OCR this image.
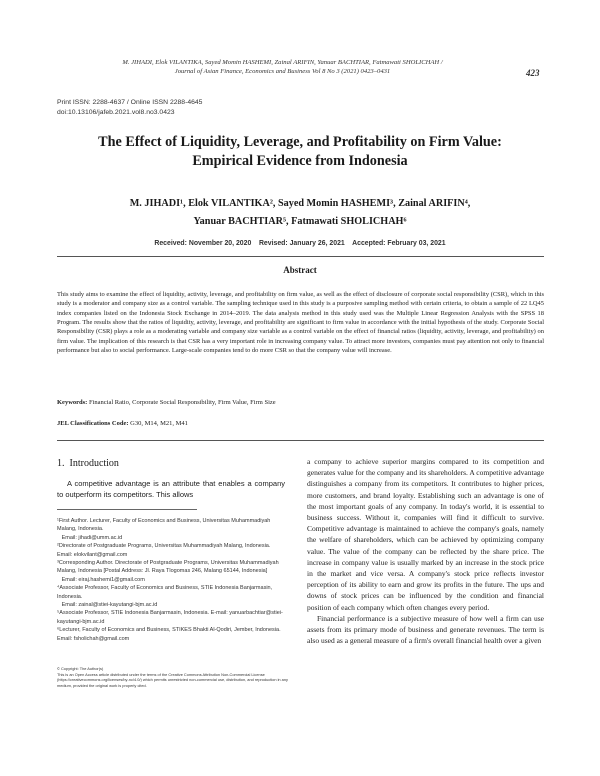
M. JIHADI, Elok VILANTIKA, Sayed Momin HASHEMI, Zainal ARIFIN, Yanuar BACHTIAR, Fatmawati SHOLICHAH /
Journal of Asian Finance, Economics and Business Vol 8 No 3 (2021) 0423–0431	423
Print ISSN: 2288-4637 / Online ISSN 2288-4645
doi:10.13106/jafeb.2021.vol8.no3.0423
The Effect of Liquidity, Leverage, and Profitability on Firm Value:
Empirical Evidence from Indonesia
M. JIHADI¹, Elok VILANTIKA², Sayed Momin HASHEMI³, Zainal ARIFIN⁴,
Yanuar BACHTIAR⁵, Fatmawati SHOLICHAH⁶
Received: November 20, 2020    Revised: January 26, 2021    Accepted: February 03, 2021
Abstract
This study aims to examine the effect of liquidity, activity, leverage, and profitability on firm value, as well as the effect of disclosure of corporate social responsibility (CSR), which in this study is a moderator and company size as a control variable. The sampling technique used in this study is a purposive sampling method with certain criteria, to obtain a sample of 22 LQ45 index companies listed on the Indonesia Stock Exchange in 2014–2019. The data analysis method in this study used was the Multiple Linear Regression Analysis with the SPSS 18 Program. The results show that the ratios of liquidity, activity, leverage, and profitability are significant to firm value in accordance with the initial hypothesis of the study. Corporate Social Responsibility (CSR) plays a role as a moderating variable and company size variable as a control variable on the effect of financial ratios (liquidity, activity, leverage, and profitability) on firm value. The implication of this research is that CSR has a very important role in increasing company value. To attract more investors, companies must pay attention not only to financial performance but also to social performance. Large-scale companies tend to do more CSR so that the company value will increase.
Keywords: Financial Ratio, Corporate Social Responsibility, Firm Value, Firm Size
JEL Classifications Code: G30, M14, M21, M41
1.  Introduction

A competitive advantage is an attribute that enables a company to outperform its competitors. This allows

¹First Author. Lecturer, Faculty of Economics and Business, Universitas Muhammadiyah Malang, Indonesia.
Email: jihadi@umm.ac.id
²Directorate of Postgraduate Programs, Universitas Muhammadiyah Malang, Indonesia. Email: elokvilant@gmail.com
³Corresponding Author. Directorate of Postgraduate Programs, Universitas Muhammadiyah Malang, Indonesia [Postal Address: Jl. Raya Tlogomas 246, Malang 65144, Indonesia]
Email: eiraj.hashemi1@gmail.com
⁴Associate Professor, Faculty of Economics and Business, STIE Indonesia Banjarmasin, Indonesia.
Email: zainal@stiei-kayutangi-bjm.ac.id
⁵Associate Professor, STIE Indonesia Banjarmasin, Indonesia. E-mail: yanuarbachtiar@stiei-kayutangi-bjm.ac.id
⁶Lecturer, Faculty of Economics and Business, STIKES Bhakti Al-Qodiri, Jember, Indonesia. Email: fsholichah@gmail.com
© Copyright: The Author(s)
This is an Open Access article distributed under the terms of the Creative Commons Attribution Non-Commercial License (https://creativecommons.org/licenses/by-nc/4.0/) which permits unrestricted non-commercial use, distribution, and reproduction in any medium, provided the original work is properly cited.

a company to achieve superior margins compared to its competition and generates value for the company and its shareholders. A competitive advantage distinguishes a company from its competitors. It contributes to higher prices, more customers, and brand loyalty. Establishing such an advantage is one of the most important goals of any company. In today's world, it is essential to business success. Without it, companies will find it difficult to survive. Competitive advantage is maintained to achieve the company's goals, namely the welfare of shareholders, which can be achieved by optimizing company value. The value of the company can be reflected by the share price. The increase in company value is usually marked by an increase in the stock price in the market and vice versa. A company's stock price reflects investor perception of its ability to earn and grow its profits in the future. The ups and downs of stock prices can be influenced by the condition and financial position of each company which often changes every period.

Financial performance is a subjective measure of how well a firm can use assets from its primary mode of business and generate revenues. The term is also used as a general measure of a firm's overall financial health over a given
